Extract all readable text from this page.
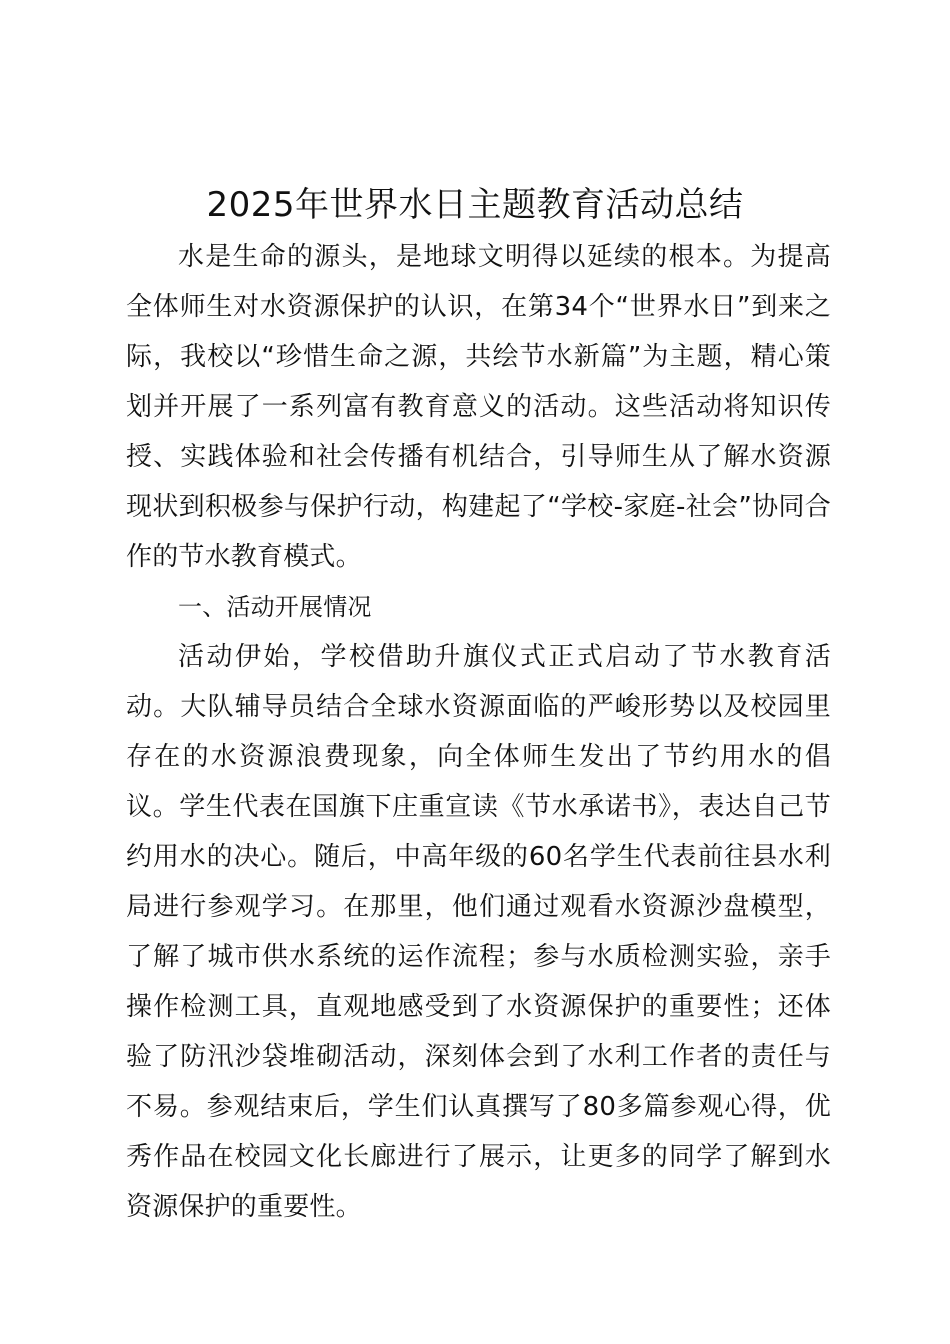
2025年世界水日主题教育活动总结

水是生命的源头，是地球文明得以延续的根本。为提高全体师生对水资源保护的认识，在第34个“世界水日”到来之际，我校以“珍惜生命之源，共绘节水新篇”为主题，精心策划并开展了一系列富有教育意义的活动。这些活动将知识传授、实践体验和社会传播有机结合，引导师生从了解水资源现状到积极参与保护行动，构建起了“学校-家庭-社会”协同合作的节水教育模式。

一、活动开展情况

活动伊始，学校借助升旗仪式正式启动了节水教育活动。大队辅导员结合全球水资源面临的严峻形势以及校园里存在的水资源浪费现象，向全体师生发出了节约用水的倡议。学生代表在国旗下庄重宣读《节水承诺书》，表达自己节约用水的决心。随后，中高年级的60名学生代表前往县水利局进行参观学习。在那里，他们通过观看水资源沙盘模型，了解了城市供水系统的运作流程；参与水质检测实验，亲手操作检测工具，直观地感受到了水资源保护的重要性；还体验了防汛沙袋堆砌活动，深刻体会到了水利工作者的责任与不易。参观结束后，学生们认真撰写了80多篇参观心得，优秀作品在校园文化长廊进行了展示，让更多的同学了解到水资源保护的重要性。
